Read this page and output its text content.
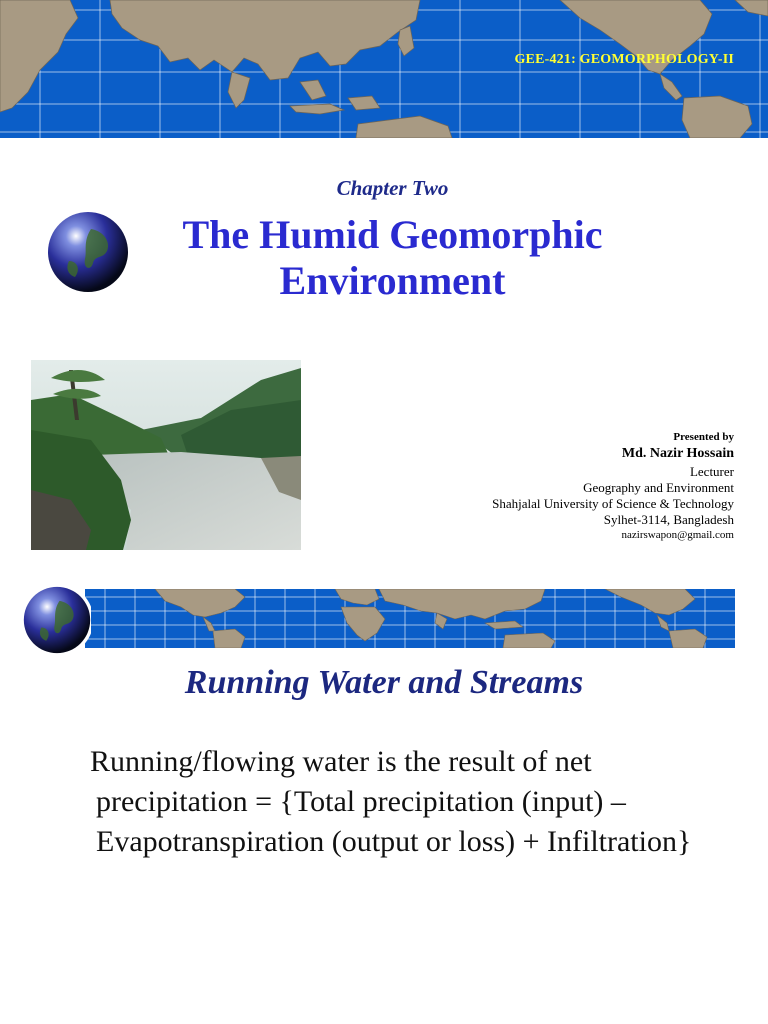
GEE-421: GEOMORPHOLOGY-II
Chapter Two
The Humid Geomorphic Environment
Presented by
Md. Nazir Hossain
Lecturer
Geography and Environment
Shahjalal University of Science & Technology
Sylhet-3114, Bangladesh
nazirswapon@gmail.com
Running Water and Streams
Running/flowing water is the result of net precipitation = {Total precipitation (input) – Evapotranspiration (output or loss) + Infiltration}
